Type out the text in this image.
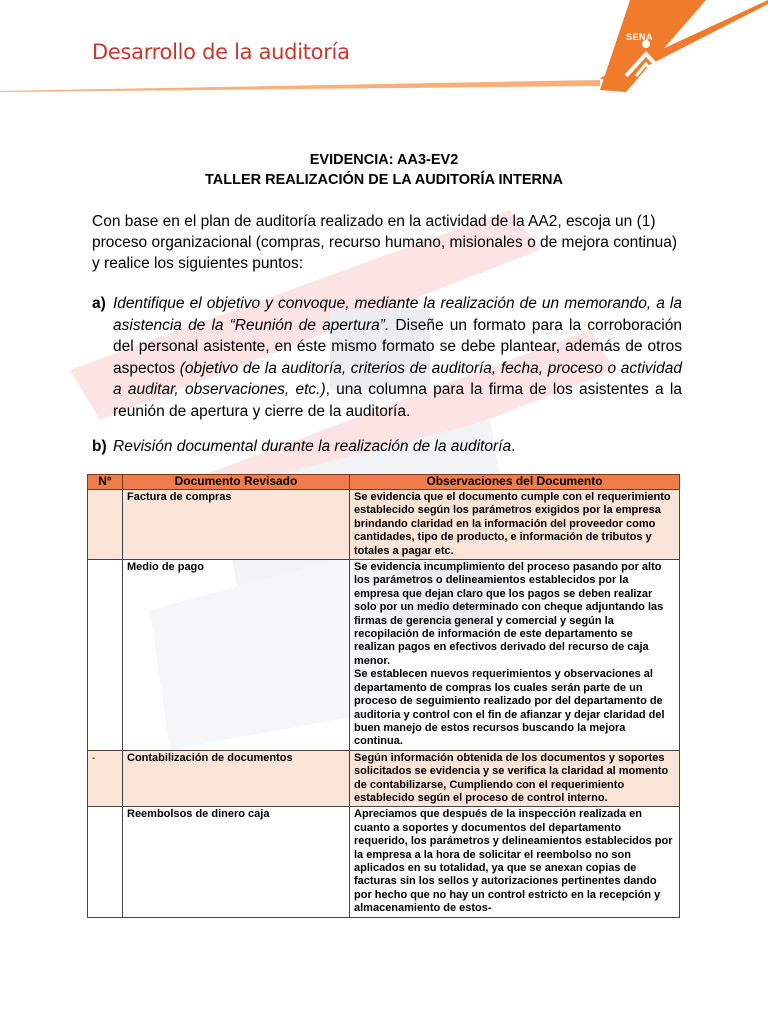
SENA
Desarrollo de la auditoría
EVIDENCIA: AA3-EV2
TALLER REALIZACIÓN DE LA AUDITORÍA INTERNA
Con base en el plan de auditoría realizado en la actividad de la AA2, escoja un (1) proceso organizacional (compras, recurso humano, misionales o de mejora continua) y realice los siguientes puntos:
a) Identifique el objetivo y convoque, mediante la realización de un memorando, a la asistencia de la “Reunión de apertura”. Diseñe un formato para la corroboración del personal asistente, en éste mismo formato se debe plantear, además de otros aspectos (objetivo de la auditoría, criterios de auditoría, fecha, proceso o actividad a auditar, observaciones, etc.), una columna para la firma de los asistentes a la reunión de apertura y cierre de la auditoría.
b) Revisión documental durante la realización de la auditoría.
N°	Documento Revisado	Observaciones del Documento
	Factura de compras	Se evidencia que el documento cumple con el requerimiento establecido según los parámetros exigidos por la empresa brindando claridad en la información del proveedor como cantidades, tipo de producto, e información de tributos y totales a pagar etc.
	Medio de pago	Se evidencia incumplimiento del proceso pasando por alto los parámetros o delineamientos establecidos por la empresa que dejan claro que los pagos se deben realizar solo por un medio determinado con cheque adjuntando las firmas de gerencia general y comercial y según la recopilación de información de este departamento se realizan pagos en efectivos derivado del recurso de caja menor.
Se establecen nuevos requerimientos y observaciones al departamento de compras los cuales serán parte de un proceso de seguimiento realizado por del departamento de auditoria y control con el fin de afianzar y dejar claridad del buen manejo de estos recursos buscando la mejora continua.

-	Contabilización de documentos	Según información obtenida de los documentos y soportes solicitados se evidencia y se verifica la claridad al momento de contabilizarse, Cumpliendo con el requerimiento establecido según el proceso de control interno.
	Reembolsos de dinero caja	Apreciamos que después de la inspección realizada en cuanto a soportes y documentos del departamento requerido, los parámetros y delineamientos establecidos por la empresa a la hora de solicitar el reembolso no son aplicados en su totalidad, ya que se anexan copias de facturas sin los sellos y autorizaciones pertinentes dando por hecho que no hay un control estricto en la recepción y almacenamiento de estos-
